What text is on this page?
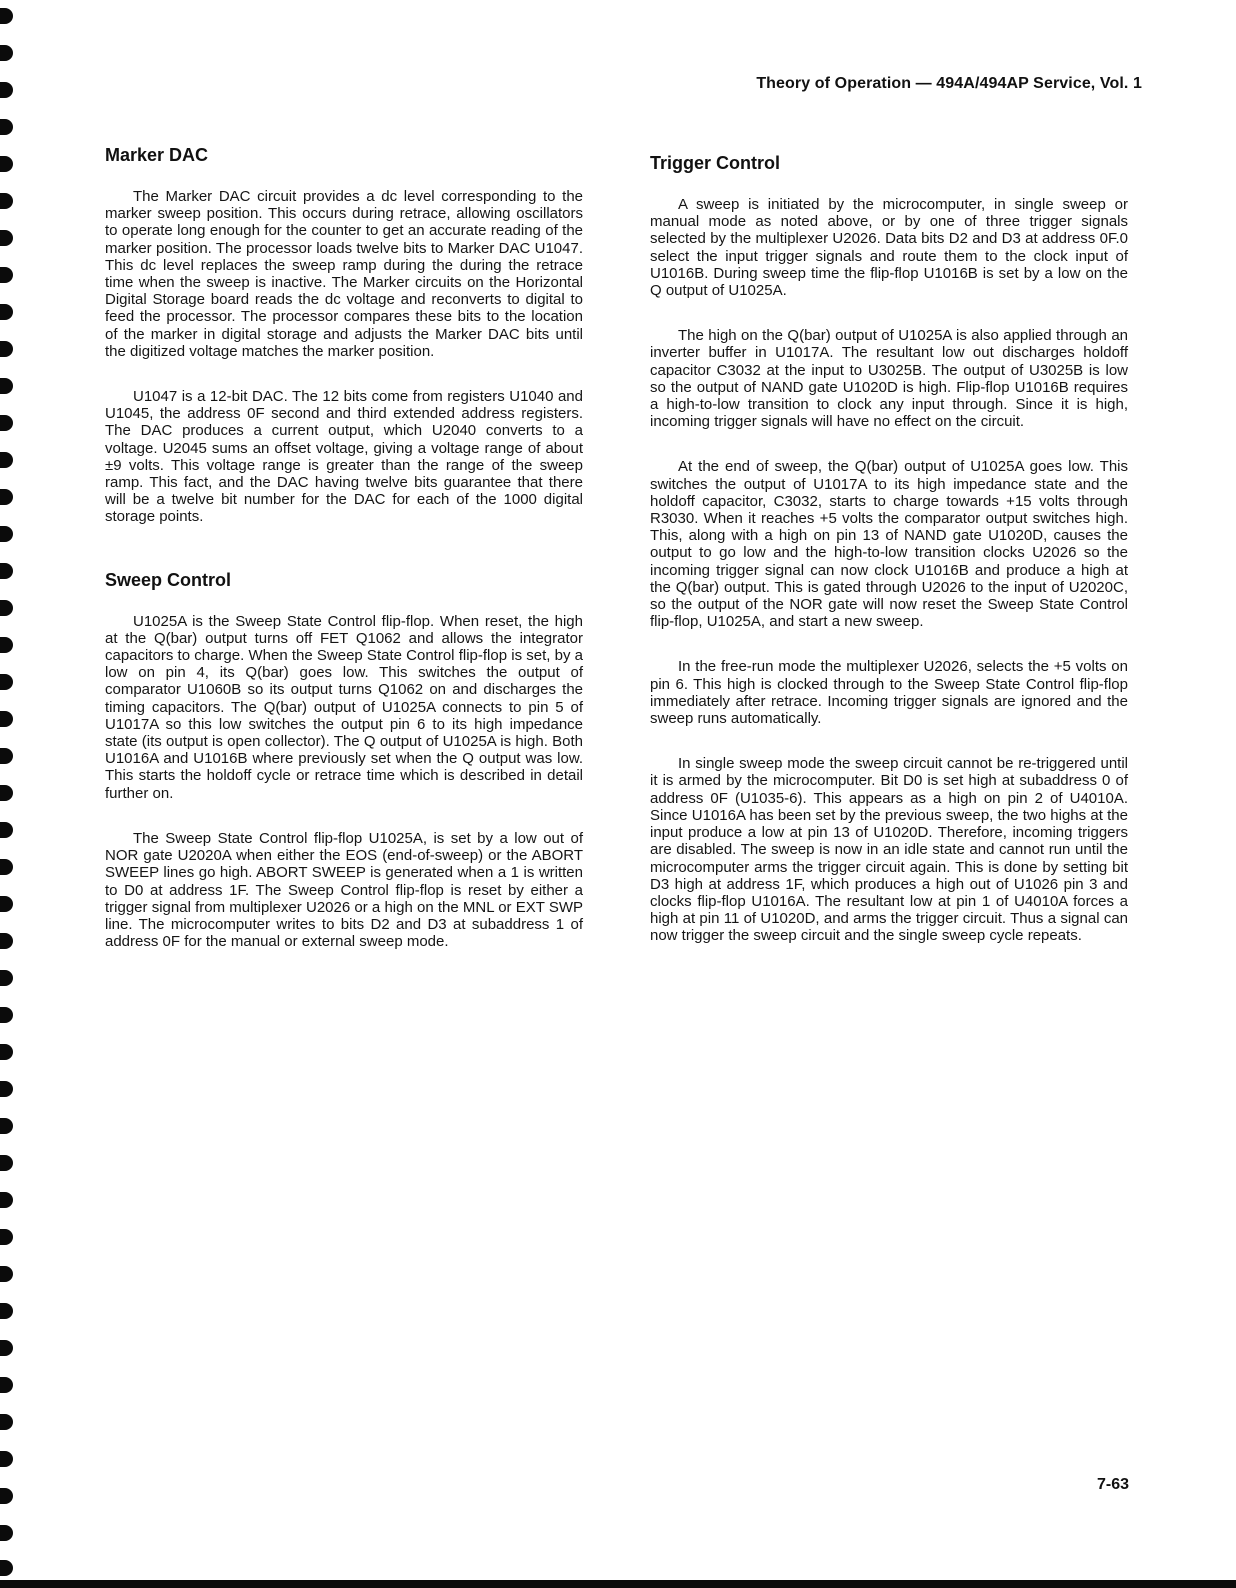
Theory of Operation — 494A/494AP Service, Vol. 1
Marker DAC

The Marker DAC circuit provides a dc level corresponding to the marker sweep position. This occurs during retrace, allowing oscillators to operate long enough for the counter to get an accurate reading of the marker position. The processor loads twelve bits to Marker DAC U1047. This dc level replaces the sweep ramp during the during the retrace time when the sweep is inactive. The Marker circuits on the Horizontal Digital Storage board reads the dc voltage and reconverts to digital to feed the processor. The processor compares these bits to the location of the marker in digital storage and adjusts the Marker DAC bits until the digitized voltage matches the marker position.

U1047 is a 12-bit DAC. The 12 bits come from registers U1040 and U1045, the address 0F second and third extended address registers. The DAC produces a current output, which U2040 converts to a voltage. U2045 sums an offset voltage, giving a voltage range of about ±9 volts. This voltage range is greater than the range of the sweep ramp. This fact, and the DAC having twelve bits guarantee that there will be a twelve bit number for the DAC for each of the 1000 digital storage points.

Sweep Control

U1025A is the Sweep State Control flip-flop. When reset, the high at the Q(bar) output turns off FET Q1062 and allows the integrator capacitors to charge. When the Sweep State Control flip-flop is set, by a low on pin 4, its Q(bar) goes low. This switches the output of comparator U1060B so its output turns Q1062 on and discharges the timing capacitors. The Q(bar) output of U1025A connects to pin 5 of U1017A so this low switches the output pin 6 to its high impedance state (its output is open collector). The Q output of U1025A is high. Both U1016A and U1016B where previously set when the Q output was low. This starts the holdoff cycle or retrace time which is described in detail further on.

The Sweep State Control flip-flop U1025A, is set by a low out of NOR gate U2020A when either the EOS (end-of-sweep) or the ABORT SWEEP lines go high. ABORT SWEEP is generated when a 1 is written to D0 at address 1F. The Sweep Control flip-flop is reset by either a trigger signal from multiplexer U2026 or a high on the MNL or EXT SWP line. The microcomputer writes to bits D2 and D3 at subaddress 1 of address 0F for the manual or external sweep mode.

Trigger Control

A sweep is initiated by the microcomputer, in single sweep or manual mode as noted above, or by one of three trigger signals selected by the multiplexer U2026. Data bits D2 and D3 at address 0F.0 select the input trigger signals and route them to the clock input of U1016B. During sweep time the flip-flop U1016B is set by a low on the Q output of U1025A.

The high on the Q(bar) output of U1025A is also applied through an inverter buffer in U1017A. The resultant low out discharges holdoff capacitor C3032 at the input to U3025B. The output of U3025B is low so the output of NAND gate U1020D is high. Flip-flop U1016B requires a high-to-low transition to clock any input through. Since it is high, incoming trigger signals will have no effect on the circuit.

At the end of sweep, the Q(bar) output of U1025A goes low. This switches the output of U1017A to its high impedance state and the holdoff capacitor, C3032, starts to charge towards +15 volts through R3030. When it reaches +5 volts the comparator output switches high. This, along with a high on pin 13 of NAND gate U1020D, causes the output to go low and the high-to-low transition clocks U2026 so the incoming trigger signal can now clock U1016B and produce a high at the Q(bar) output. This is gated through U2026 to the input of U2020C, so the output of the NOR gate will now reset the Sweep State Control flip-flop, U1025A, and start a new sweep.

In the free-run mode the multiplexer U2026, selects the +5 volts on pin 6. This high is clocked through to the Sweep State Control flip-flop immediately after retrace. Incoming trigger signals are ignored and the sweep runs automatically.

In single sweep mode the sweep circuit cannot be re-triggered until it is armed by the microcomputer. Bit D0 is set high at subaddress 0 of address 0F (U1035-6). This appears as a high on pin 2 of U4010A. Since U1016A has been set by the previous sweep, the two highs at the input produce a low at pin 13 of U1020D. Therefore, incoming triggers are disabled. The sweep is now in an idle state and cannot run until the microcomputer arms the trigger circuit again. This is done by setting bit D3 high at address 1F, which produces a high out of U1026 pin 3 and clocks flip-flop U1016A. The resultant low at pin 1 of U4010A forces a high at pin 11 of U1020D, and arms the trigger circuit. Thus a signal can now trigger the sweep circuit and the single sweep cycle repeats.

7-63
